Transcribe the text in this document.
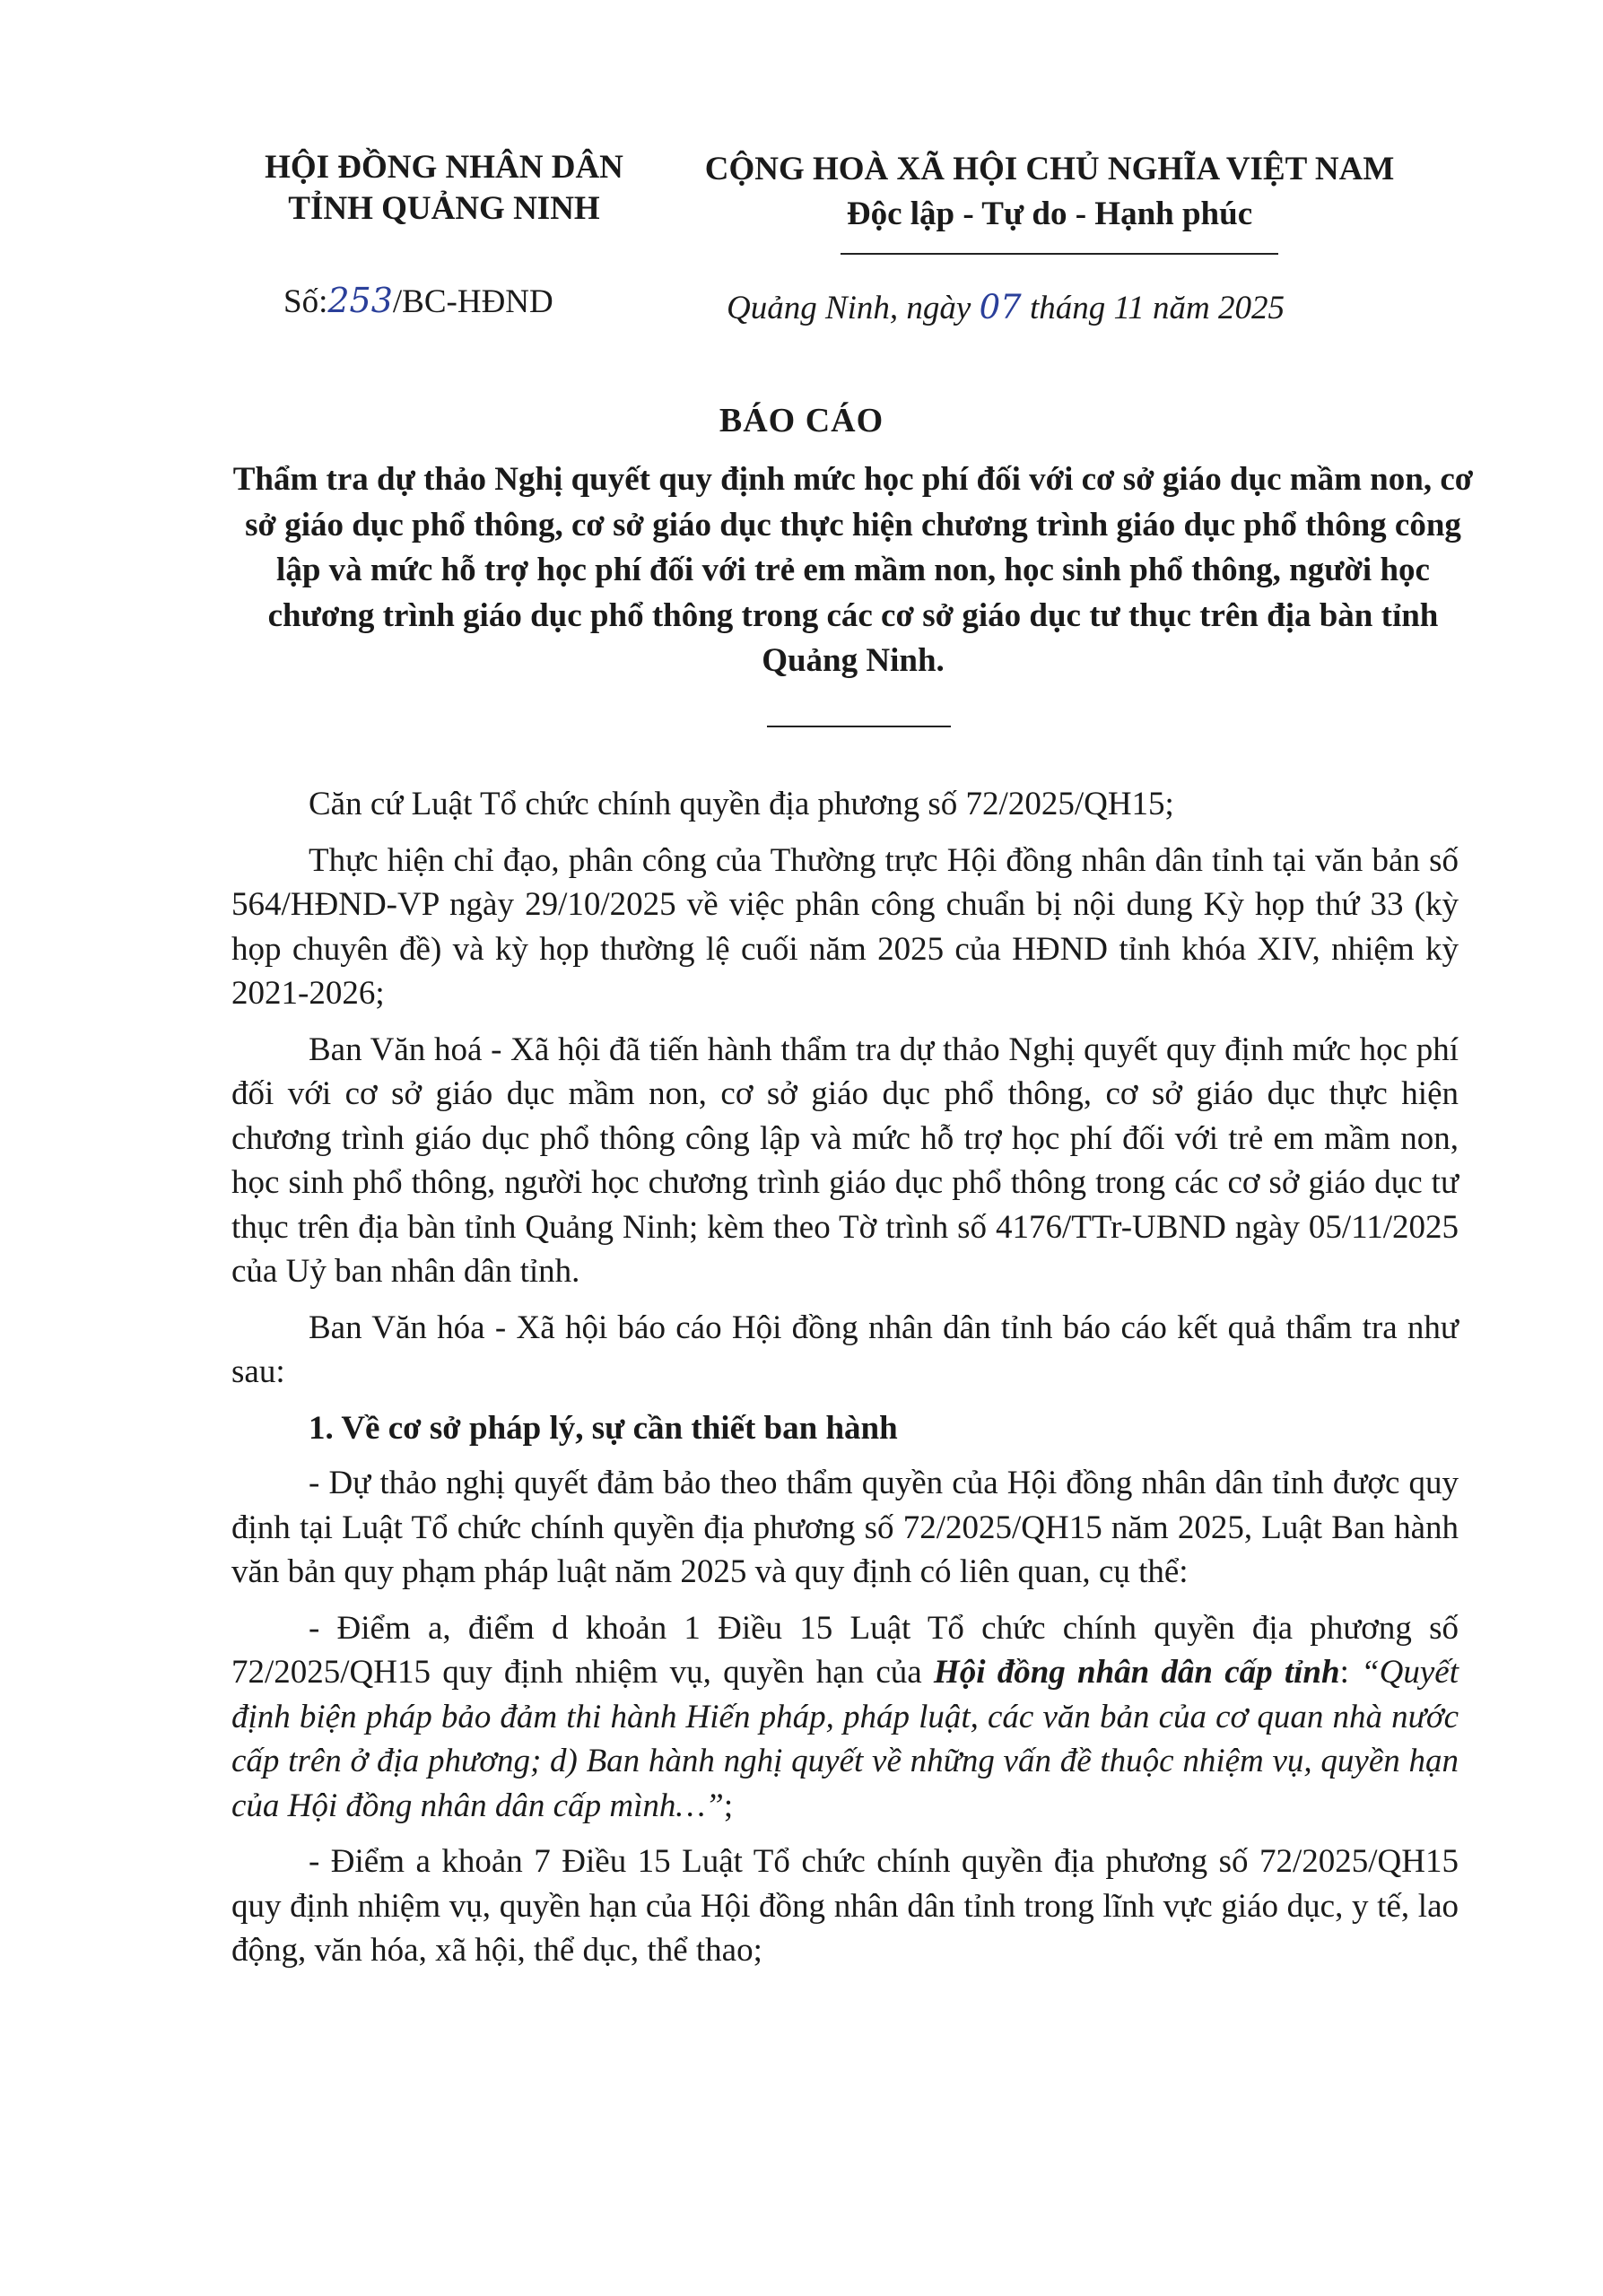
HỘI ĐỒNG NHÂN DÂN
TỈNH QUẢNG NINH
CỘNG HOÀ XÃ HỘI CHỦ NGHĨA VIỆT NAM
Độc lập - Tự do - Hạnh phúc
Số:253/BC-HĐND	Quảng Ninh, ngày 07 tháng 11 năm 2025
BÁO CÁO
Thẩm tra dự thảo Nghị quyết quy định mức học phí đối với cơ sở giáo dục mầm non, cơ sở giáo dục phổ thông, cơ sở giáo dục thực hiện chương trình giáo dục phổ thông công lập và mức hỗ trợ học phí đối với trẻ em mầm non, học sinh phổ thông, người học chương trình giáo dục phổ thông trong các cơ sở giáo dục tư thục trên địa bàn tỉnh Quảng Ninh.

Căn cứ Luật Tổ chức chính quyền địa phương số 72/2025/QH15;

Thực hiện chỉ đạo, phân công của Thường trực Hội đồng nhân dân tỉnh tại văn bản số 564/HĐND-VP ngày 29/10/2025 về việc phân công chuẩn bị nội dung Kỳ họp thứ 33 (kỳ họp chuyên đề) và kỳ họp thường lệ cuối năm 2025 của HĐND tỉnh khóa XIV, nhiệm kỳ 2021-2026;

Ban Văn hoá - Xã hội đã tiến hành thẩm tra dự thảo Nghị quyết quy định mức học phí đối với cơ sở giáo dục mầm non, cơ sở giáo dục phổ thông, cơ sở giáo dục thực hiện chương trình giáo dục phổ thông công lập và mức hỗ trợ học phí đối với trẻ em mầm non, học sinh phổ thông, người học chương trình giáo dục phổ thông trong các cơ sở giáo dục tư thục trên địa bàn tỉnh Quảng Ninh; kèm theo Tờ trình số 4176/TTr-UBND ngày 05/11/2025 của Uỷ ban nhân dân tỉnh.

Ban Văn hóa - Xã hội báo cáo Hội đồng nhân dân tỉnh báo cáo kết quả thẩm tra như sau:

1. Về cơ sở pháp lý, sự cần thiết ban hành

- Dự thảo nghị quyết đảm bảo theo thẩm quyền của Hội đồng nhân dân tỉnh được quy định tại Luật Tổ chức chính quyền địa phương số 72/2025/QH15 năm 2025, Luật Ban hành văn bản quy phạm pháp luật năm 2025 và quy định có liên quan, cụ thể:

- Điểm a, điểm d khoản 1 Điều 15 Luật Tổ chức chính quyền địa phương số 72/2025/QH15 quy định nhiệm vụ, quyền hạn của Hội đồng nhân dân cấp tỉnh: “Quyết định biện pháp bảo đảm thi hành Hiến pháp, pháp luật, các văn bản của cơ quan nhà nước cấp trên ở địa phương; d) Ban hành nghị quyết về những vấn đề thuộc nhiệm vụ, quyền hạn của Hội đồng nhân dân cấp mình…”;

- Điểm a khoản 7 Điều 15 Luật Tổ chức chính quyền địa phương số 72/2025/QH15 quy định nhiệm vụ, quyền hạn của Hội đồng nhân dân tỉnh trong lĩnh vực giáo dục, y tế, lao động, văn hóa, xã hội, thể dục, thể thao;
